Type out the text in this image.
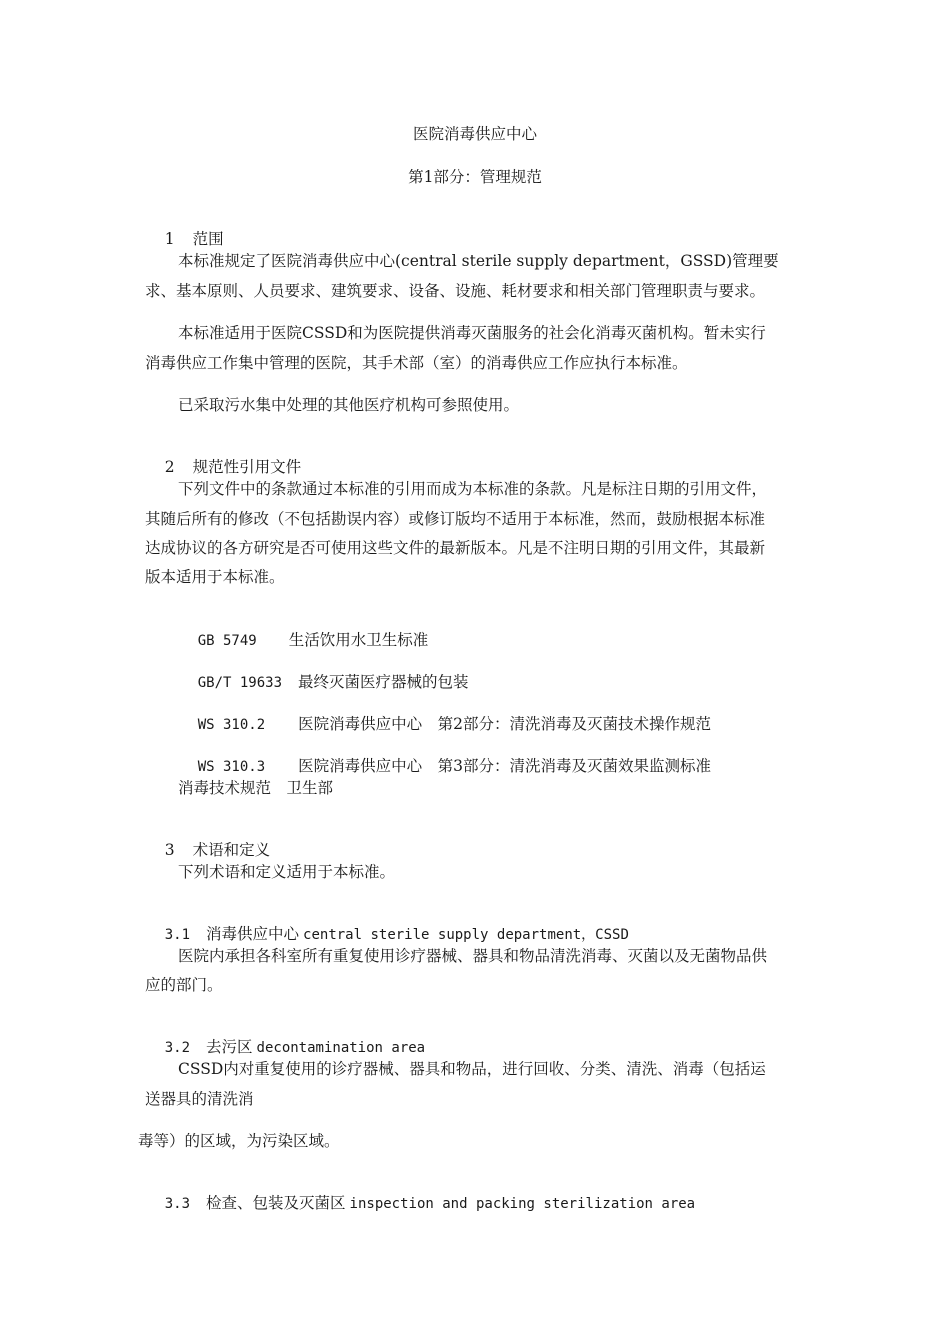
医院消毒供应中心
第1部分：管理规范

1 范围

本标准规定了医院消毒供应中心(central sterile supply department，GSSD)管理要
求、基本原则、人员要求、建筑要求、设备、设施、耗材要求和相关部门管理职责与要求。
本标准适用于医院CSSD和为医院提供消毒灭菌服务的社会化消毒灭菌机构。暂未实行
消毒供应工作集中管理的医院，其手术部（室）的消毒供应工作应执行本标准。
已采取污水集中处理的其他医疗机构可参照使用。

2 规范性引用文件

下列文件中的条款通过本标准的引用而成为本标准的条款。凡是标注日期的引用文件，
其随后所有的修改（不包括勘误内容）或修订版均不适用于本标准，然而，鼓励根据本标准
达成协议的各方研究是否可使用这些文件的最新版本。凡是不注明日期的引用文件，其最新
版本适用于本标准。

GB 5749 生活饮用水卫生标准

GB/T 19633 最终灭菌医疗器械的包装

WS 310.2 医院消毒供应中心　第2部分：清洗消毒及灭菌技术操作规范

WS 310.3 医院消毒供应中心　第3部分：清洗消毒及灭菌效果监测标准

消毒技术规范　卫生部

3 术语和定义

下列术语和定义适用于本标准。

3.1 消毒供应中心 central sterile supply department，CSSD

医院内承担各科室所有重复使用诊疗器械、器具和物品清洗消毒、灭菌以及无菌物品供
应的部门。

3.2 去污区 decontamination area

CSSD内对重复使用的诊疗器械、器具和物品，进行回收、分类、清洗、消毒（包括运
送器具的清洗消
毒等）的区域，为污染区域。

3.3 检查、包装及灭菌区 inspection and packing sterilization area
